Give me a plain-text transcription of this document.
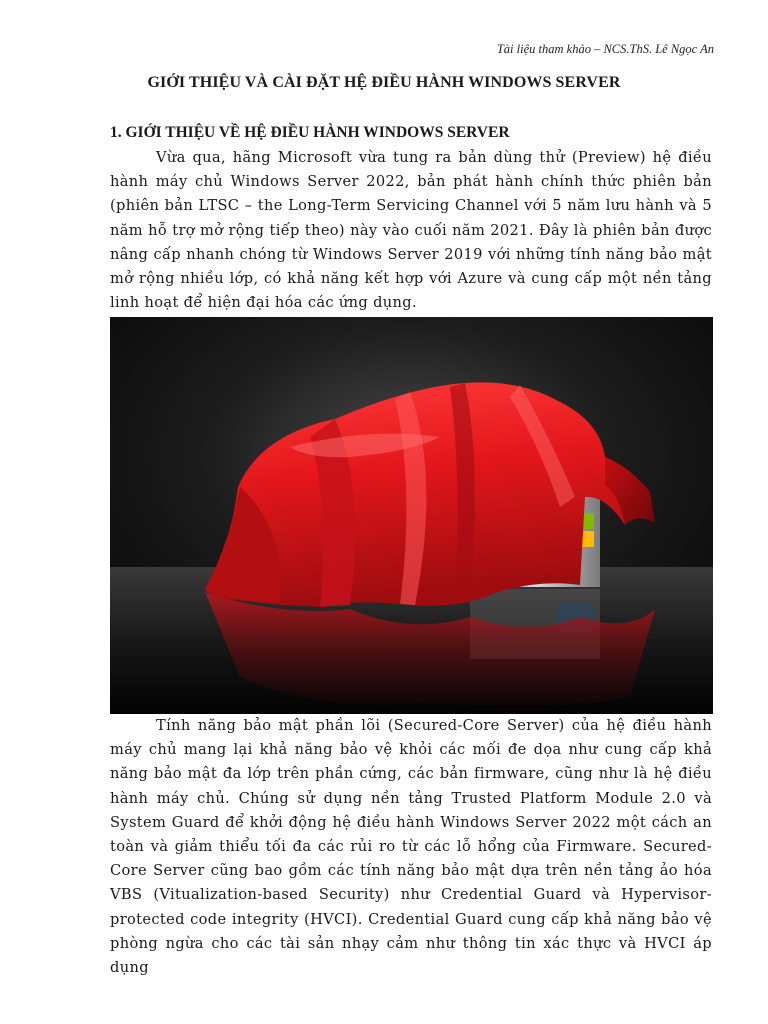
Tài liệu tham khảo – NCS.ThS. Lê Ngọc An
GIỚI THIỆU VÀ CÀI ĐẶT HỆ ĐIỀU HÀNH WINDOWS SERVER
1. GIỚI THIỆU VỀ HỆ ĐIỀU HÀNH WINDOWS SERVER

Vừa qua, hãng Microsoft vừa tung ra bản dùng thử (Preview) hệ điều hành máy chủ Windows Server 2022, bản phát hành chính thức phiên bản (phiên bản LTSC – the Long-Term Servicing Channel với 5 năm lưu hành và 5 năm hỗ trợ mở rộng tiếp theo) này vào cuối năm 2021. Đây là phiên bản được nâng cấp nhanh chóng từ Windows Server 2019 với những tính năng bảo mật mở rộng nhiều lớp, có khả năng kết hợp với Azure và cung cấp một nền tảng linh hoạt để hiện đại hóa các ứng dụng.

Tính năng bảo mật phần lõi (Secured-Core Server) của hệ điều hành máy chủ mang lại khả năng bảo vệ khỏi các mối đe dọa như cung cấp khả năng bảo mật đa lớp trên phần cứng, các bản firmware, cũng như là hệ điều hành máy chủ. Chúng sử dụng nền tảng Trusted Platform Module 2.0 và System Guard để khởi động hệ điều hành Windows Server 2022 một cách an toàn và giảm thiểu tối đa các rủi ro từ các lỗ hổng của Firmware. Secured-Core Server cũng bao gồm các tính năng bảo mật dựa trên nền tảng ảo hóa VBS (Vitualization-based Security) như Credential Guard và Hypervisor-protected code integrity (HVCI). Credential Guard cung cấp khả năng bảo vệ phòng ngừa cho các tài sản nhạy cảm như thông tin xác thực và HVCI áp dụng
